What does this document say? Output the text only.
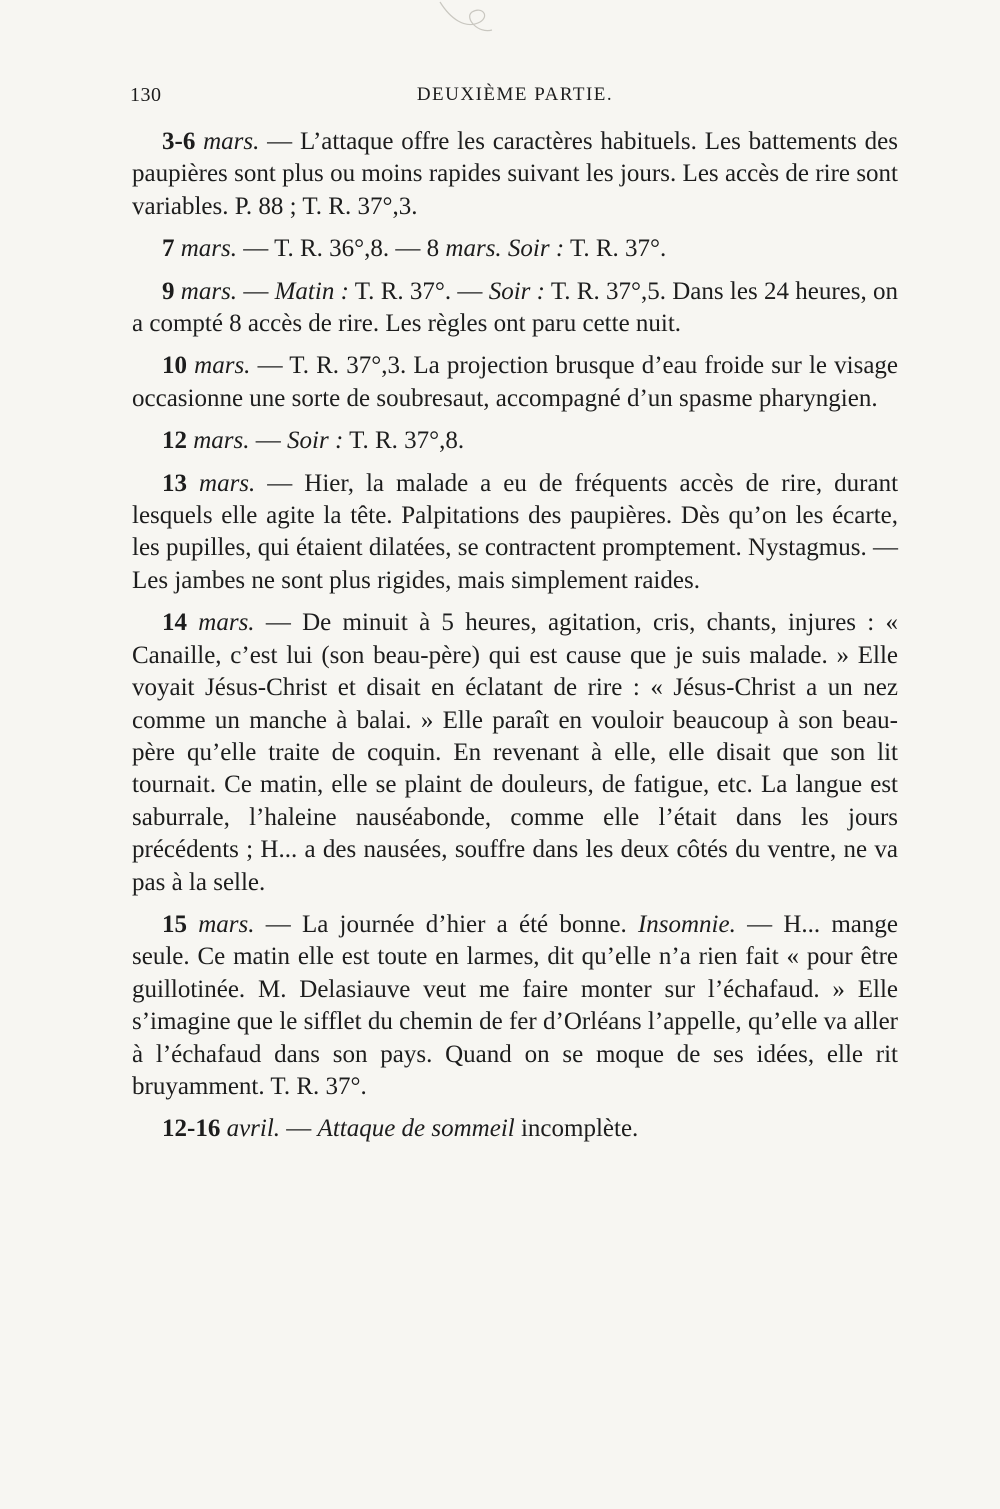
130	DEUXIÈME PARTIE.

3-6 mars. — L’attaque offre les caractères habituels. Les battements des paupières sont plus ou moins rapides suivant les jours. Les accès de rire sont variables. P. 88 ; T. R. 37°,3.

7 mars. — T. R. 36°,8. — 8 mars. Soir : T. R. 37°.

9 mars. — Matin : T. R. 37°. — Soir : T. R. 37°,5. Dans les 24 heures, on a compté 8 accès de rire. Les règles ont paru cette nuit.

10 mars. — T. R. 37°,3. La projection brusque d’eau froide sur le visage occasionne une sorte de soubresaut, accompagné d’un spasme pharyngien.

12 mars. — Soir : T. R. 37°,8.

13 mars. — Hier, la malade a eu de fréquents accès de rire, durant lesquels elle agite la tête. Palpitations des paupières. Dès qu’on les écarte, les pupilles, qui étaient dilatées, se contractent promptement. Nystagmus. — Les jambes ne sont plus rigides, mais simplement raides.

14 mars. — De minuit à 5 heures, agitation, cris, chants, injures : « Canaille, c’est lui (son beau-père) qui est cause que je suis malade. » Elle voyait Jésus-Christ et disait en éclatant de rire : « Jésus-Christ a un nez comme un manche à balai. » Elle paraît en vouloir beaucoup à son beau-père qu’elle traite de coquin. En revenant à elle, elle disait que son lit tournait. Ce matin, elle se plaint de douleurs, de fatigue, etc. La langue est saburrale, l’haleine nauséabonde, comme elle l’était dans les jours précédents ; H... a des nausées, souffre dans les deux côtés du ventre, ne va pas à la selle.

15 mars. — La journée d’hier a été bonne. Insomnie. — H... mange seule. Ce matin elle est toute en larmes, dit qu’elle n’a rien fait « pour être guillotinée. M. Delasiauve veut me faire monter sur l’échafaud. » Elle s’imagine que le sifflet du chemin de fer d’Orléans l’appelle, qu’elle va aller à l’échafaud dans son pays. Quand on se moque de ses idées, elle rit bruyamment. T. R. 37°.

12-16 avril. — Attaque de sommeil incomplète.
